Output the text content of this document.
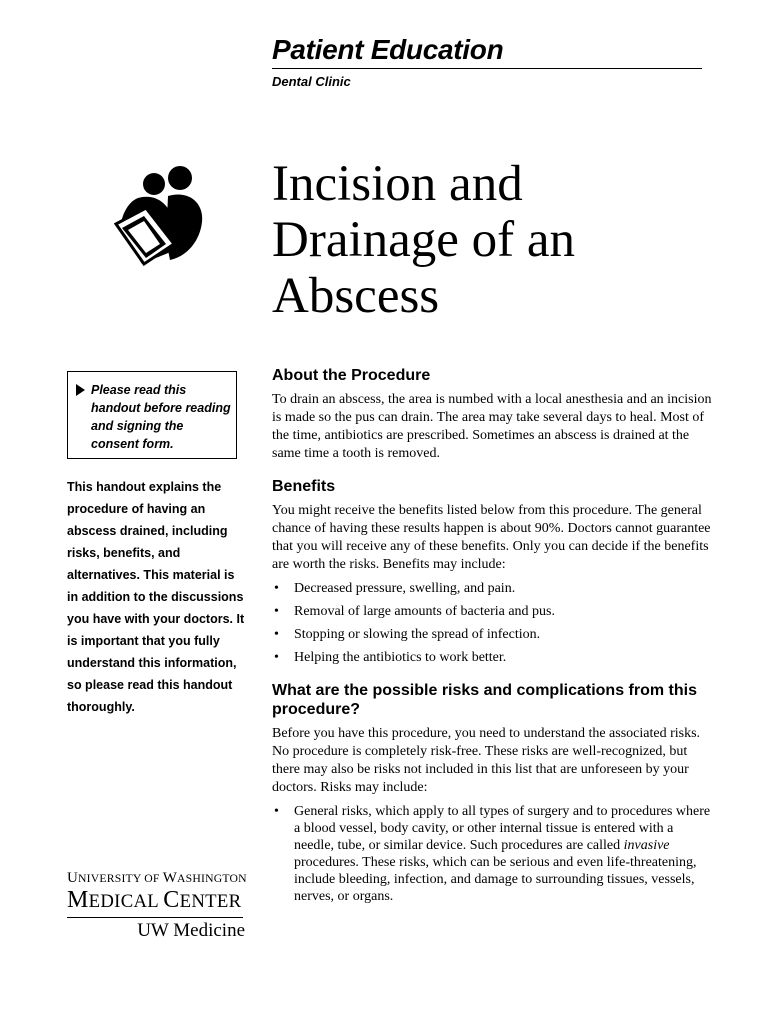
Patient Education
Dental Clinic
Incision and
Drainage of an
Abscess
Please read this handout before reading and signing the consent form.
This handout explains the procedure of having an abscess drained, including risks, benefits, and alternatives. This material is in addition to the discussions you have with your doctors. It is important that you fully understand this information, so please read this handout thoroughly.
UNIVERSITY OF WASHINGTON
MEDICAL CENTER
UW Medicine
About the Procedure

To drain an abscess, the area is numbed with a local anesthesia and an incision is made so the pus can drain. The area may take several days to heal. Most of the time, antibiotics are prescribed. Sometimes an abscess is drained at the same time a tooth is removed.

Benefits

You might receive the benefits listed below from this procedure. The general chance of having these results happen is about 90%. Doctors cannot guarantee that you will receive any of these benefits. Only you can decide if the benefits are worth the risks. Benefits may include:

• Decreased pressure, swelling, and pain.
• Removal of large amounts of bacteria and pus.
• Stopping or slowing the spread of infection.
• Helping the antibiotics to work better.
What are the possible risks and complications from this procedure?

Before you have this procedure, you need to understand the associated risks. No procedure is completely risk-free. These risks are well-recognized, but there may also be risks not included in this list that are unforeseen by your doctors. Risks may include:

• General risks, which apply to all types of surgery and to procedures where a blood vessel, body cavity, or other internal tissue is entered with a needle, tube, or similar device. Such procedures are called invasive procedures. These risks, which can be serious and even life-threatening, include bleeding, infection, and damage to surrounding tissues, vessels, nerves, or organs.
